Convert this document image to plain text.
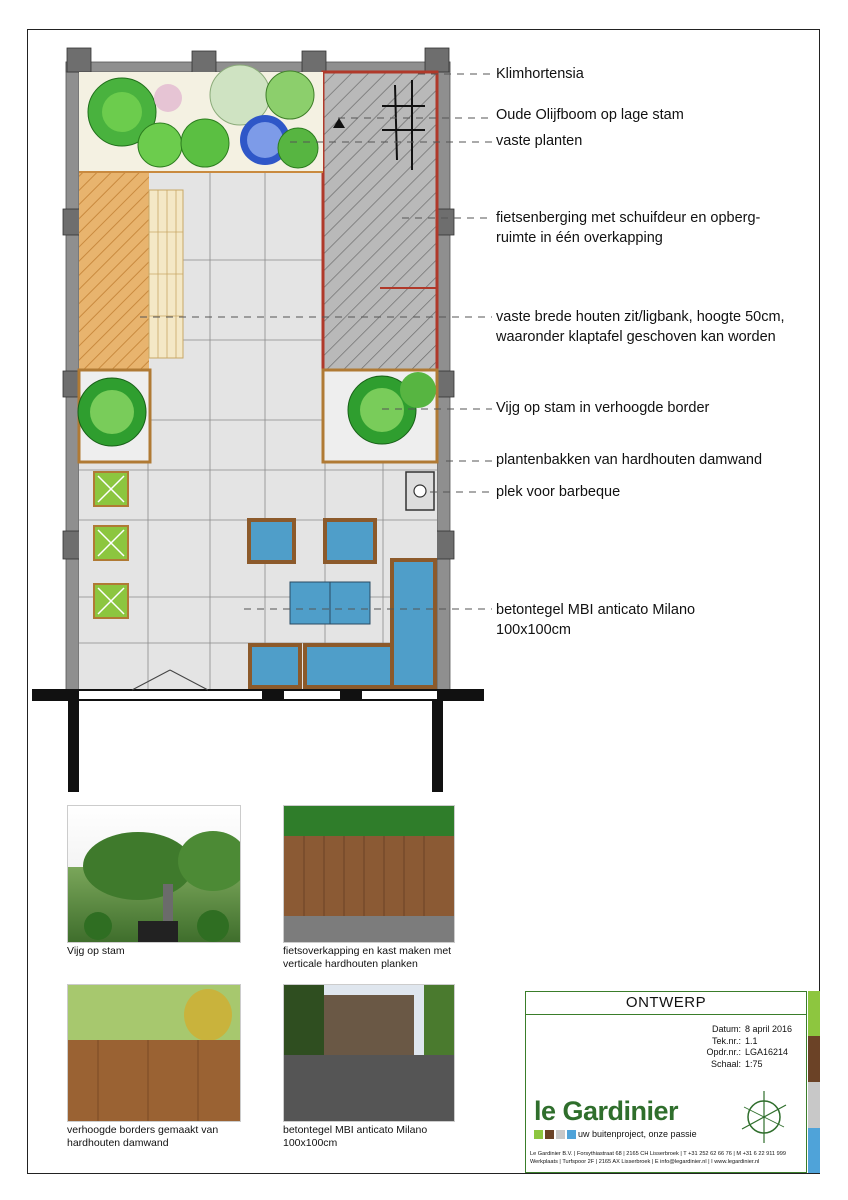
Klimhortensia
Oude Olijfboom op lage stam
vaste planten
fietsenberging met schuifdeur en opberg-
ruimte in één overkapping
vaste brede houten zit/ligbank, hoogte 50cm,
waaronder klaptafel geschoven kan worden
Vijg op stam in verhoogde border
plantenbakken van hardhouten damwand
plek voor barbeque
betontegel MBI anticato Milano
100x100cm
Vijg op stam	fietsoverkapping en kast maken met
verticale hardhouten planken
verhoogde borders gemaakt van
hardhouten damwand
betontegel MBI anticato Milano
100x100cm
ONTWERP
Datum: 8 april 2016
Tek.nr.: 1.1
Opdr.nr.: LGA16214
Schaal: 1:75
le Gardinier
uw buitenproject, onze passie
Le Gardinier B.V. | Forsythiastraat 68 | 2165 CH Lisserbroek | T +31 252 62 66 76 | M +31 6 22 911 999
Werkplaats | Turfspoor 2F | 2165 AX Lisserbroek | E info@legardinier.nl | I www.legardinier.nl
